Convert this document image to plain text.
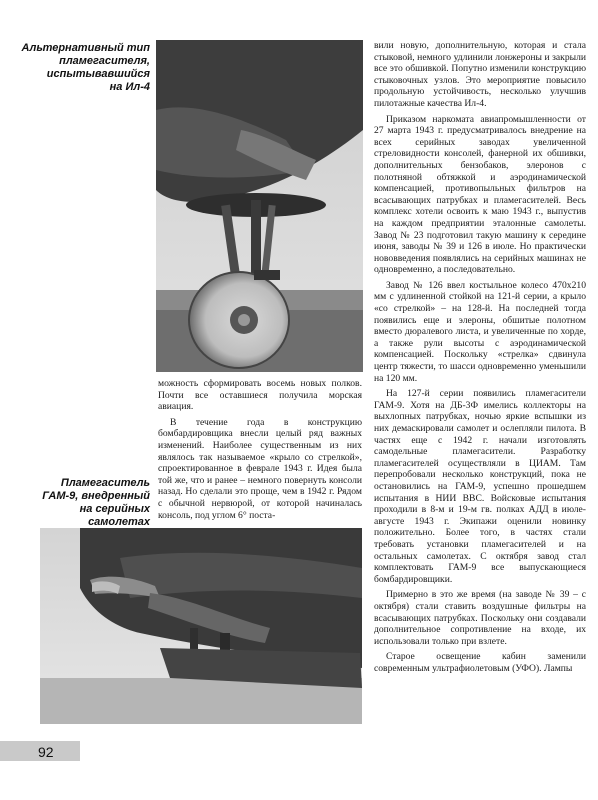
Альтернативный тип
пламегасителя,
испытывавшийся
на Ил-4

вили новую, дополнительную, которая и стала стыковой, немного удлинили лонжероны и закрыли все это обшивкой. Попутно изменили конструкцию стыковочных узлов. Это мероприятие повысило продольную устойчивость, несколько улучшив пилотажные качества Ил-4.

Приказом наркомата авиапромышленности от 27 марта 1943 г. предусматривалось внедрение на всех серийных заводах увеличенной стреловидности консолей, фанерной их обшивки, дополнительных бензобаков, элеронов с полотняной обтяжкой и аэродинамической компенсацией, противопыльных фильтров на всасывающих патрубках и пламегасителей. Весь комплекс хотели освоить к маю 1943 г., выпустив на каждом предприятии эталонные самолеты. Завод № 23 подготовил такую машину к середине июня, заводы № 39 и 126 в июле. Но практически нововведения появлялись на серийных машинах не одновременно, а последовательно.

Завод № 126 ввел костыльное колесо 470х210 мм с удлиненной стойкой на 121-й серии, а крыло «со стрелкой» – на 128-й. На последней тогда появились еще и элероны, обшитые полотном вместо дюралевого листа, и увеличенные по хорде, а также рули высоты с аэродинамической компенсацией. Поскольку «стрелка» сдвинула центр тяжести, то шасси одновременно уменьшили на 120 мм.

На 127-й серии появились пламегасители ГАМ-9. Хотя на ДБ-3Ф имелись коллекторы на выхлопных патрубках, ночью яркие вспышки из них демаскировали самолет и ослепляли пилота. В частях еще с 1942 г. начали изготовлять самодельные пламегасители. Разработку пламегасителей осуществляли в ЦИАМ. Там перепробовали несколько конструкций, пока не остановились на ГАМ-9, успешно прошедшем испытания в НИИ ВВС. Войсковые испытания проходили в 8-м и 19-м гв. полках АДД в июле-августе 1943 г. Экипажи оценили новинку положительно. Более того, в частях стали требовать установки пламегасителей и на остальных самолетах. С октября завод стал комплектовать ГАМ-9 все выпускающиеся бомбардировщики.

Примерно в это же время (на заводе № 39 – с октября) стали ставить воздушные фильтры на всасывающих патрубках. Поскольку они создавали дополнительное сопротивление на входе, их использовали только при взлете.

Старое освещение кабин заменили современным ультрафиолетовым (УФО). Лампы

можность сформировать восемь новых полков. Почти все оставшиеся получила морская авиация.

В течение года в конструкцию бомбардировщика внесли целый ряд важных изменений. Наиболее существенным из них являлось так называемое «крыло со стрелкой», спроектированное в феврале 1943 г. Идея была той же, что и ранее – немного повернуть консоли назад. Но сделали это проще, чем в 1942 г. Рядом с обычной нервюрой, от которой начиналась консоль, под углом 6° поста-

Пламегаситель
ГАМ-9, внедренный
на серийных
самолетах
92
